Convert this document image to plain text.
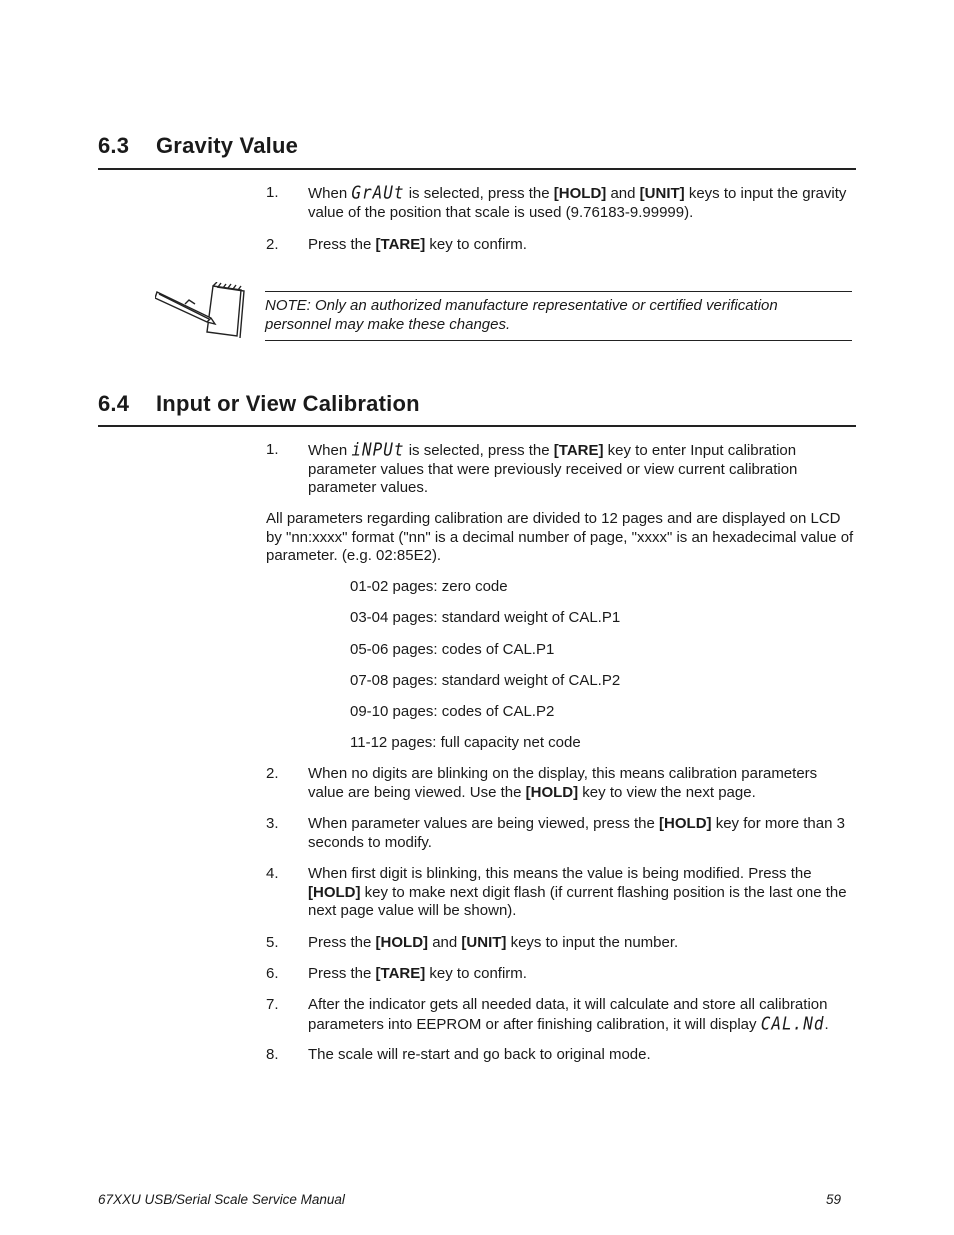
6.3 Gravity Value
1. When GrAUt is selected, press the [HOLD] and [UNIT] keys to input the gravity value of the position that scale is used (9.76183-9.99999).
2. Press the [TARE] key to confirm.
NOTE: Only an authorized manufacture representative or certified verification personnel may make these changes.
6.4 Input or View Calibration
1. When iNPUt is selected, press the [TARE] key to enter Input calibration parameter values that were previously received or view current calibration parameter values.
All parameters regarding calibration are divided to 12 pages and are displayed on LCD by "nn:xxxx" format ("nn" is a decimal number of page, "xxxx" is an hexadecimal value of parameter. (e.g. 02:85E2).
01-02 pages: zero code
03-04 pages: standard weight of CAL.P1
05-06 pages: codes of CAL.P1
07-08 pages: standard weight of CAL.P2
09-10 pages: codes of CAL.P2
11-12 pages: full capacity net code
2. When no digits are blinking on the display, this means calibration parameters value are being viewed. Use the [HOLD] key to view the next page.
3. When parameter values are being viewed, press the [HOLD] key for more than 3 seconds to modify.
4. When first digit is blinking, this means the value is being modified. Press the [HOLD] key to make next digit flash (if current flashing position is the last one the next page value will be shown).
5. Press the [HOLD] and [UNIT] keys to input the number.
6. Press the [TARE] key to confirm.
7. After the indicator gets all needed data, it will calculate and store all calibration parameters into EEPROM or after finishing calibration, it will display CAL.Nd.
8. The scale will re-start and go back to original mode.
67XXU USB/Serial Scale Service Manual	59
